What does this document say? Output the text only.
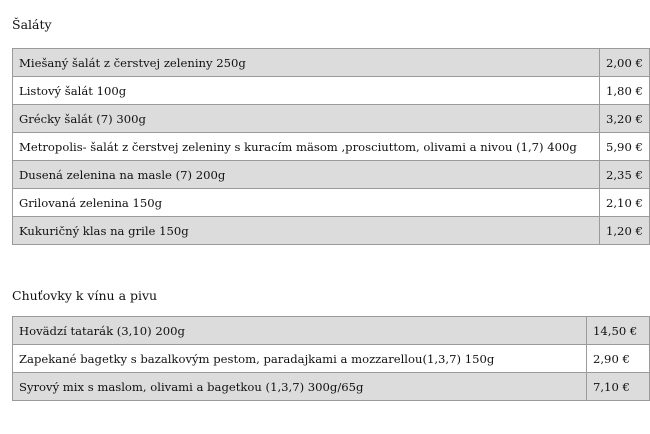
Šaláty
Miešaný šalát z čerstvej zeleniny 250g	2,00 €
Listový šalát 100g	1,80 €
Grécky šalát (7) 300g	3,20 €
Metropolis- šalát z čerstvej zeleniny s kuracím mäsom ,prosciuttom, olivami a nivou (1,7) 400g	5,90 €
Dusená zelenina na masle (7) 200g	2,35 €
Grilovaná zelenina 150g	2,10 €
Kukuričný klas na grile 150g	1,20 €
Chuťovky k vínu a pivu
Hovädzí tatarák (3,10) 200g	14,50 €
Zapekané bagetky s bazalkovým pestom, paradajkami a mozzarellou(1,3,7) 150g	2,90 €
Syrový mix s maslom, olivami a bagetkou (1,3,7) 300g/65g	7,10 €
